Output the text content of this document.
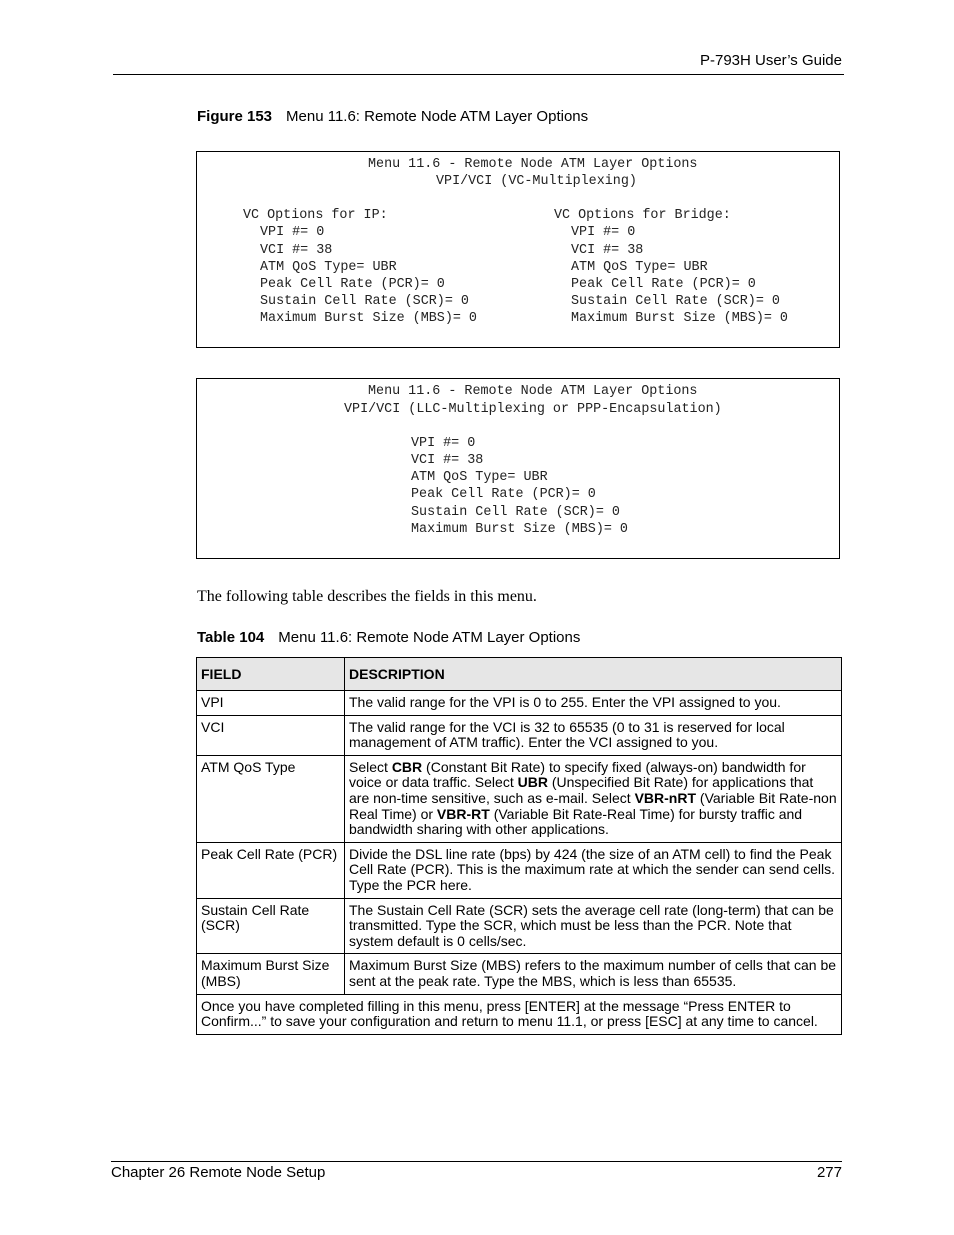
P-793H User’s Guide
Figure 153 Menu 11.6: Remote Node ATM Layer Options
Menu 11.6 - Remote Node ATM Layer Options
VPI/VCI (VC-Multiplexing)
VC Options for IP:
VPI #= 0
VCI #= 38
ATM QoS Type= UBR
Peak Cell Rate (PCR)= 0
Sustain Cell Rate (SCR)= 0
Maximum Burst Size (MBS)= 0
VC Options for Bridge:
VPI #= 0
VCI #= 38
ATM QoS Type= UBR
Peak Cell Rate (PCR)= 0
Sustain Cell Rate (SCR)= 0
Maximum Burst Size (MBS)= 0
Menu 11.6 - Remote Node ATM Layer Options
VPI/VCI (LLC-Multiplexing or PPP-Encapsulation)
VPI #= 0
VCI #= 38
ATM QoS Type= UBR
Peak Cell Rate (PCR)= 0
Sustain Cell Rate (SCR)= 0
Maximum Burst Size (MBS)= 0
The following table describes the fields in this menu.
Table 104 Menu 11.6: Remote Node ATM Layer Options
FIELD	DESCRIPTION
VPI	The valid range for the VPI is 0 to 255. Enter the VPI assigned to you.
VCI	The valid range for the VCI is 32 to 65535 (0 to 31 is reserved for local management of ATM traffic). Enter the VCI assigned to you.
ATM QoS Type	Select CBR (Constant Bit Rate) to specify fixed (always-on) bandwidth for voice or data traffic. Select UBR (Unspecified Bit Rate) for applications that are non-time sensitive, such as e-mail. Select VBR-nRT (Variable Bit Rate-non Real Time) or VBR-RT (Variable Bit Rate-Real Time) for bursty traffic and bandwidth sharing with other applications.
Peak Cell Rate (PCR)	Divide the DSL line rate (bps) by 424 (the size of an ATM cell) to find the Peak Cell Rate (PCR). This is the maximum rate at which the sender can send cells. Type the PCR here.
Sustain Cell Rate (SCR)	The Sustain Cell Rate (SCR) sets the average cell rate (long-term) that can be transmitted. Type the SCR, which must be less than the PCR. Note that system default is 0 cells/sec.
Maximum Burst Size (MBS)	Maximum Burst Size (MBS) refers to the maximum number of cells that can be sent at the peak rate. Type the MBS, which is less than 65535.
Once you have completed filling in this menu, press [ENTER] at the message “Press ENTER to Confirm...” to save your configuration and return to menu 11.1, or press [ESC] at any time to cancel.	
Chapter 26 Remote Node Setup	277
